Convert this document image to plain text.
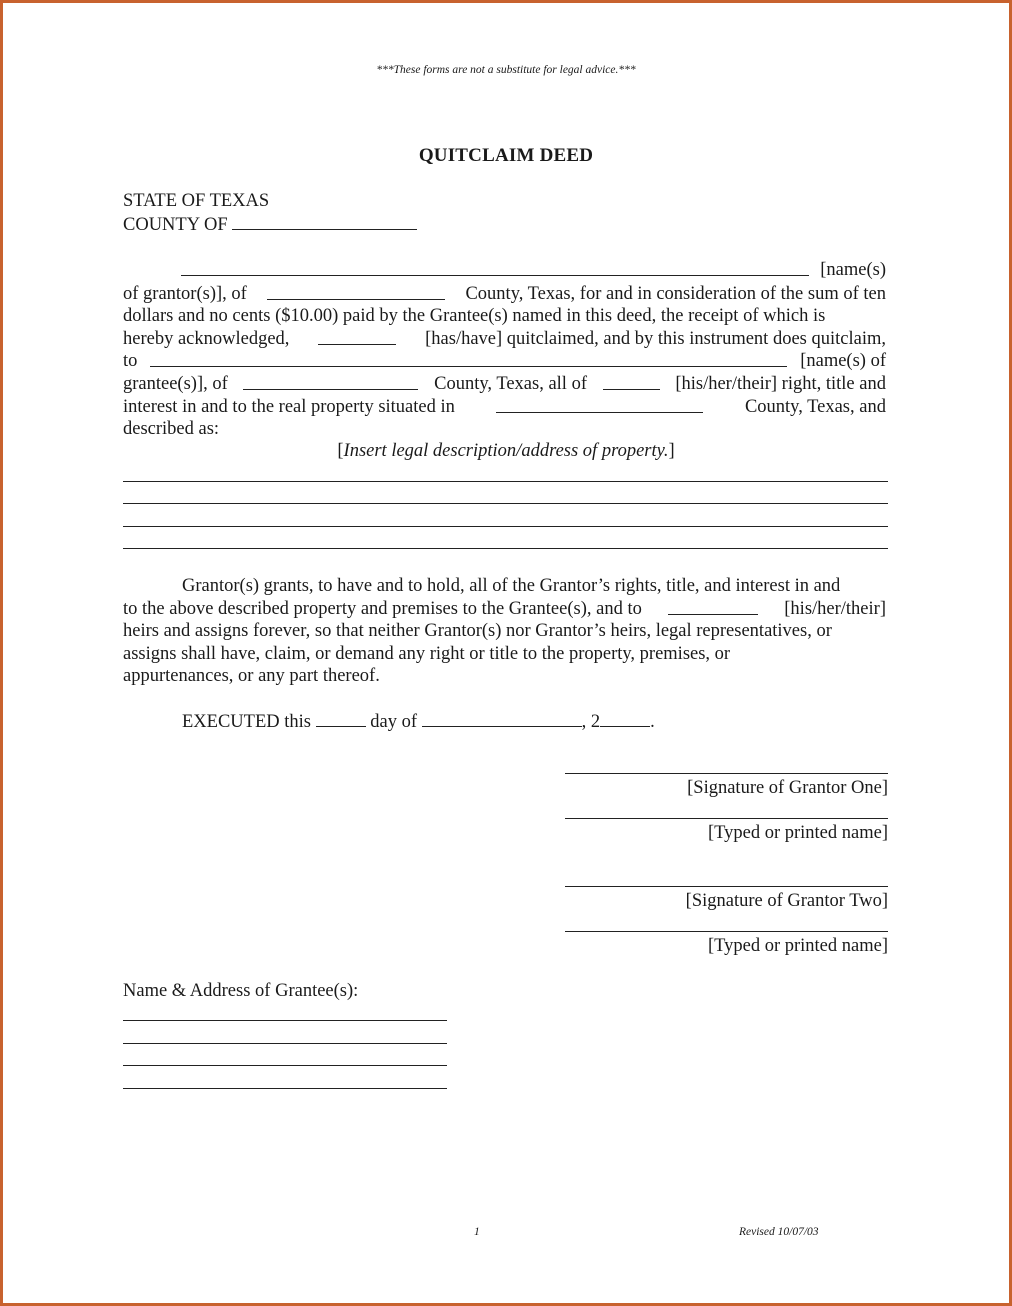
***These forms are not a substitute for legal advice.***
QUITCLAIM DEED
STATE OF TEXAS
COUNTY OF
[name(s)
of grantor(s)], of	County, Texas, for and in consideration of the sum of ten
dollars and no cents ($10.00) paid by the Grantee(s) named in this deed, the receipt of which is
hereby acknowledged,	[has/have] quitclaimed, and by this instrument does quitclaim,
to	[name(s) of
grantee(s)], of	County, Texas, all of	[his/her/their] right, title and
interest in and to the real property situated in	County, Texas, and
described as:
[Insert legal description/address of property.]
Grantor(s) grants, to have and to hold, all of the Grantor’s rights, title, and interest in and
to the above described property and premises to the Grantee(s), and to	[his/her/their]
heirs and assigns forever, so that neither Grantor(s) nor Grantor’s heirs, legal representatives, or
assigns shall have, claim, or demand any right or title to the property, premises, or
appurtenances, or any part thereof.
EXECUTED this	day of	, 2	.
[Signature of Grantor One]
[Typed or printed name]
[Signature of Grantor Two]
[Typed or printed name]
Name & Address of Grantee(s):
1	Revised 10/07/03
